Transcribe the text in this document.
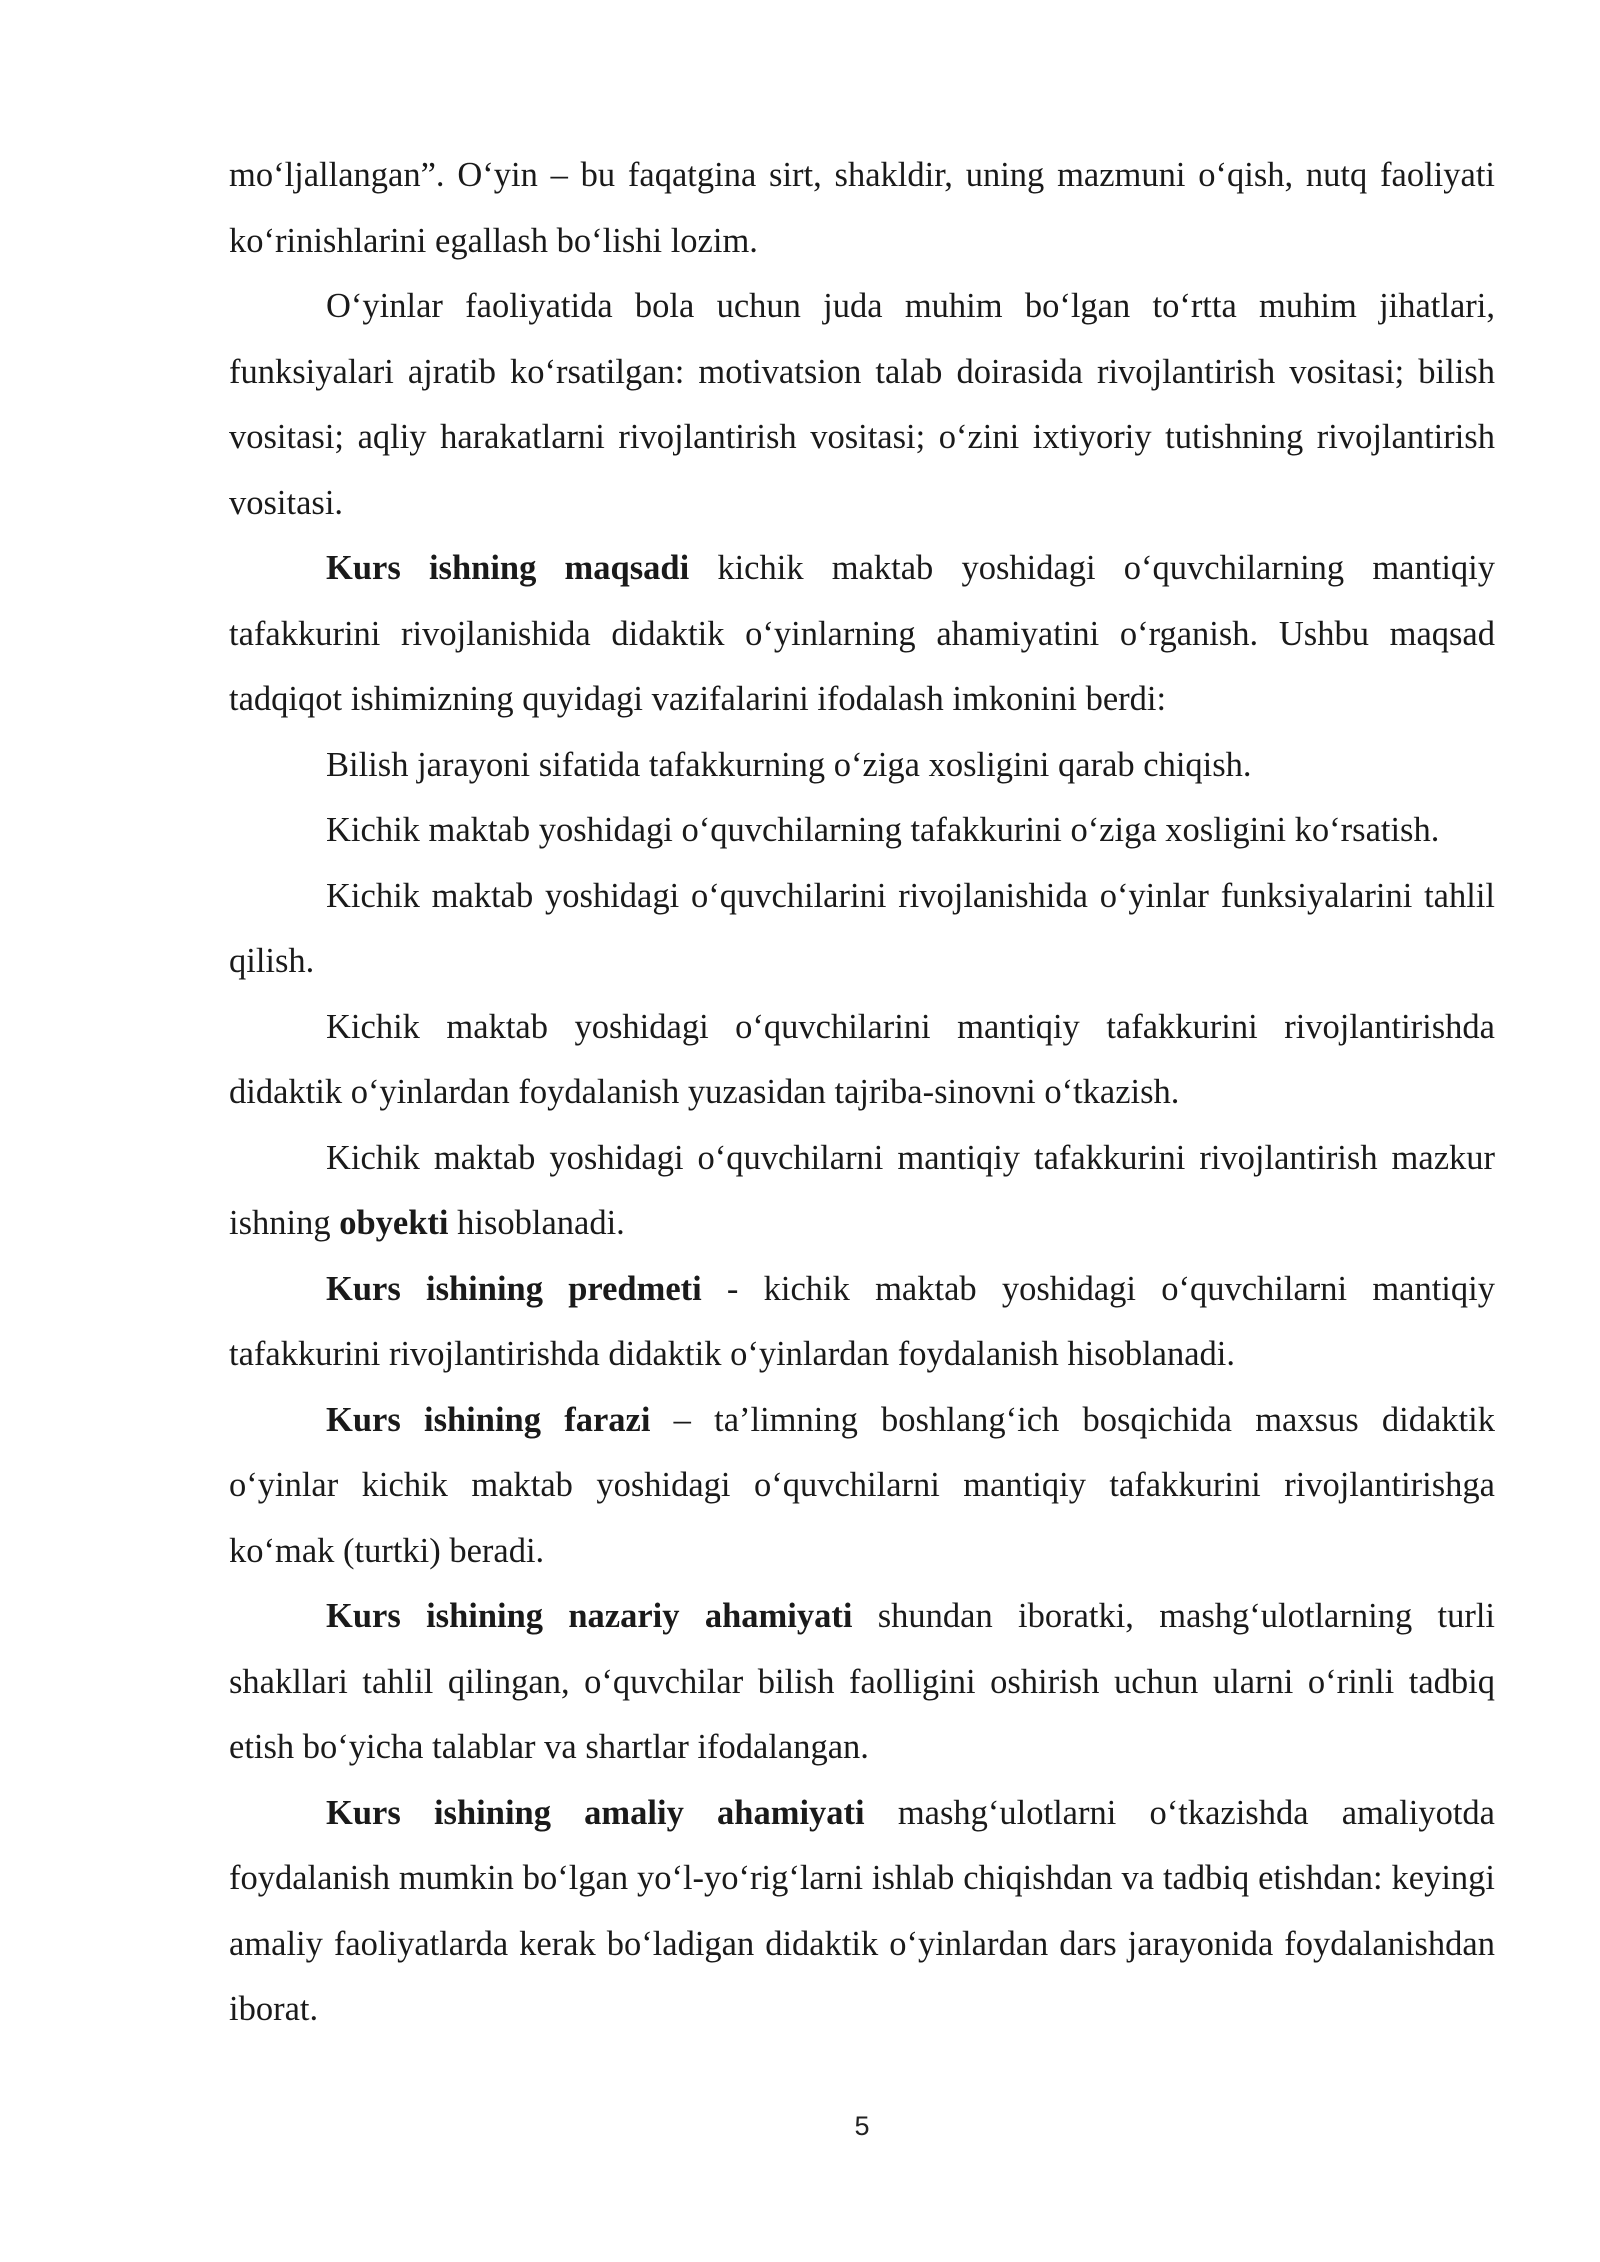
mo‘ljallangan”. O‘yin – bu faqatgina sirt, shakldir, uning mazmuni o‘qish, nutq faoliyati ko‘rinishlarini egallash bo‘lishi lozim.

O‘yinlar faoliyatida bola uchun juda muhim bo‘lgan to‘rtta muhim jihatlari, funksiyalari ajratib ko‘rsatilgan: motivatsion talab doirasida rivojlantirish vositasi; bilish vositasi; aqliy harakatlarni rivojlantirish vositasi; o‘zini ixtiyoriy tutishning rivojlantirish vositasi.

Kurs ishning maqsadi kichik maktab yoshidagi o‘quvchilarning mantiqiy tafakkurini rivojlanishida didaktik o‘yinlarning ahamiyatini o‘rganish. Ushbu maqsad tadqiqot ishimizning quyidagi vazifalarini ifodalash imkonini berdi:

Bilish jarayoni sifatida tafakkurning o‘ziga xosligini qarab chiqish.

Kichik maktab yoshidagi o‘quvchilarning tafakkurini o‘ziga xosligini ko‘rsatish.

Kichik maktab yoshidagi o‘quvchilarini rivojlanishida o‘yinlar funksiyalarini tahlil qilish.

Kichik maktab yoshidagi o‘quvchilarini mantiqiy tafakkurini rivojlantirishda didaktik o‘yinlardan foydalanish yuzasidan tajriba-sinovni o‘tkazish.

Kichik maktab yoshidagi o‘quvchilarni mantiqiy tafakkurini rivojlantirish mazkur ishning obyekti hisoblanadi.

Kurs ishining predmeti - kichik maktab yoshidagi o‘quvchilarni mantiqiy tafakkurini rivojlantirishda didaktik o‘yinlardan foydalanish hisoblanadi.

Kurs ishining farazi – ta’limning boshlang‘ich bosqichida maxsus didaktik o‘yinlar kichik maktab yoshidagi o‘quvchilarni mantiqiy tafakkurini rivojlantirishga ko‘mak (turtki) beradi.

Kurs ishining nazariy ahamiyati shundan iboratki, mashg‘ulotlarning turli shakllari tahlil qilingan, o‘quvchilar bilish faolligini oshirish uchun ularni o‘rinli tadbiq etish bo‘yicha talablar va shartlar ifodalangan.

Kurs ishining amaliy ahamiyati mashg‘ulotlarni o‘tkazishda amaliyotda foydalanish mumkin bo‘lgan yo‘l-yo‘rig‘larni ishlab chiqishdan va tadbiq etishdan: keyingi amaliy faoliyatlarda kerak bo‘ladigan didaktik o‘yinlardan dars jarayonida foydalanishdan iborat.

5
